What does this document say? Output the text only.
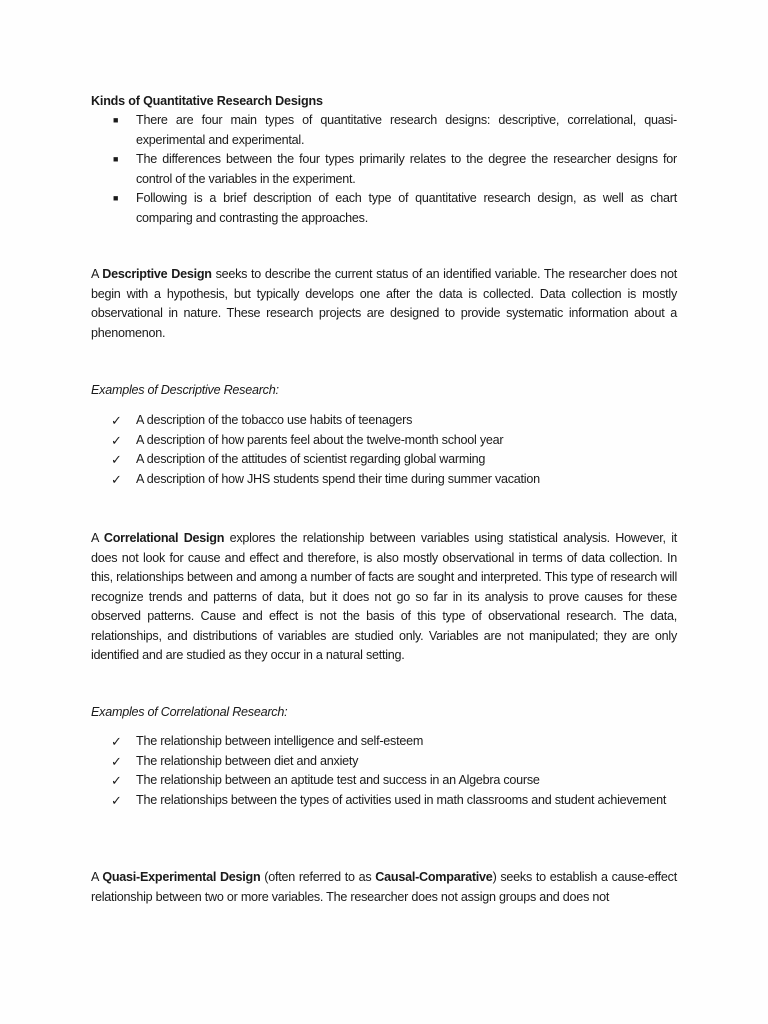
Kinds of Quantitative Research Designs
■ There are four main types of quantitative research designs: descriptive, correlational, quasi-experimental and experimental.
■ The differences between the four types primarily relates to the degree the researcher designs for control of the variables in the experiment.
■ Following is a brief description of each type of quantitative research design, as well as chart comparing and contrasting the approaches.

A Descriptive Design seeks to describe the current status of an identified variable. The researcher does not begin with a hypothesis, but typically develops one after the data is collected. Data collection is mostly observational in nature. These research projects are designed to provide systematic information about a phenomenon.

Examples of Descriptive Research:
✓ A description of the tobacco use habits of teenagers
✓ A description of how parents feel about the twelve-month school year
✓ A description of the attitudes of scientist regarding global warming
✓ A description of how JHS students spend their time during summer vacation

A Correlational Design explores the relationship between variables using statistical analysis. However, it does not look for cause and effect and therefore, is also mostly observational in terms of data collection. In this, relationships between and among a number of facts are sought and interpreted. This type of research will recognize trends and patterns of data, but it does not go so far in its analysis to prove causes for these observed patterns. Cause and effect is not the basis of this type of observational research. The data, relationships, and distributions of variables are studied only. Variables are not manipulated; they are only identified and are studied as they occur in a natural setting.

Examples of Correlational Research:
✓ The relationship between intelligence and self-esteem
✓ The relationship between diet and anxiety
✓ The relationship between an aptitude test and success in an Algebra course
✓ The relationships between the types of activities used in math classrooms and student achievement

A Quasi-Experimental Design (often referred to as Causal-Comparative) seeks to establish a cause-effect relationship between two or more variables. The researcher does not assign groups and does not
